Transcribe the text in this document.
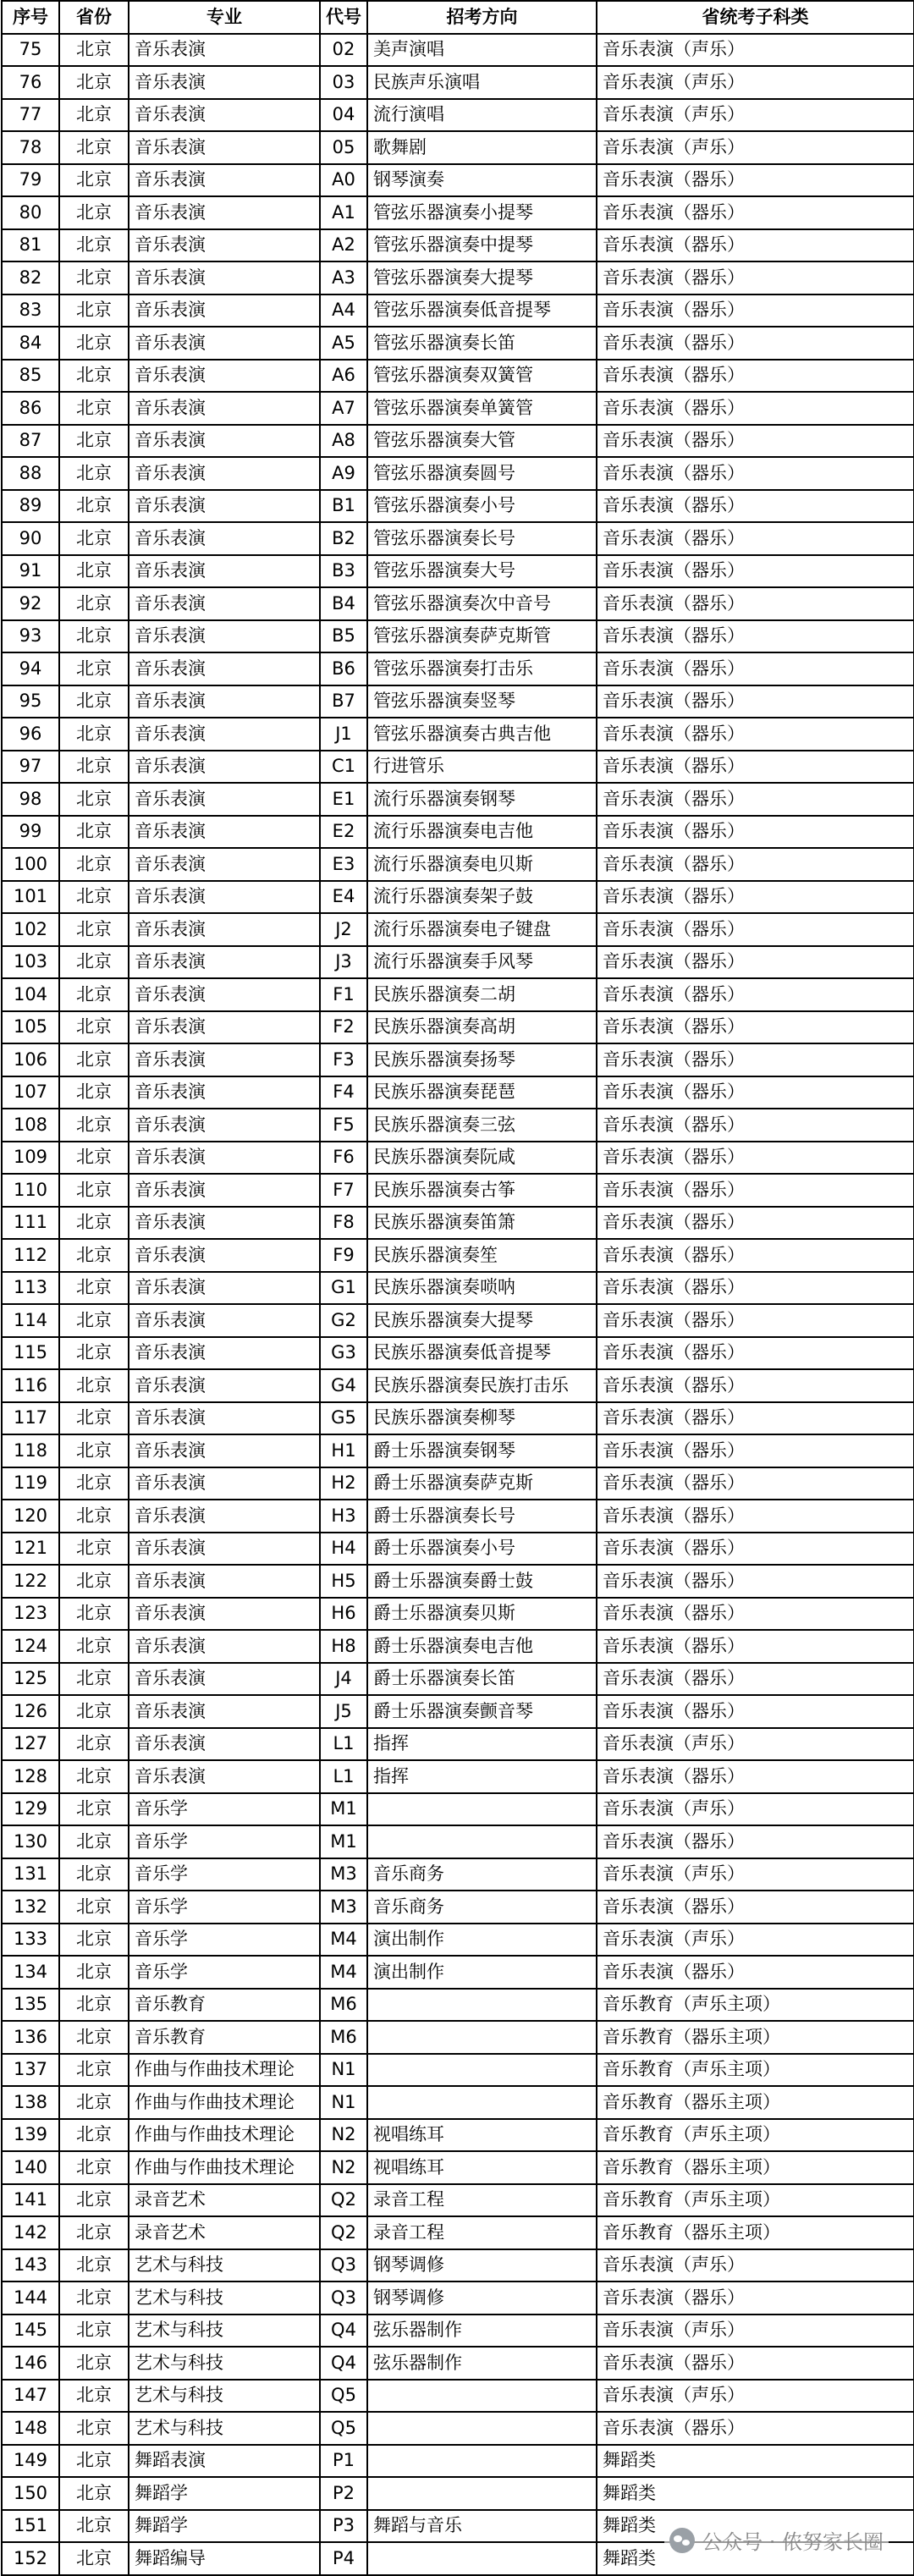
序号	省份	专业	代号	招考方向	省统考子科类
75	北京	音乐表演	02	美声演唱	音乐表演（声乐）
76	北京	音乐表演	03	民族声乐演唱	音乐表演（声乐）
77	北京	音乐表演	04	流行演唱	音乐表演（声乐）
78	北京	音乐表演	05	歌舞剧	音乐表演（声乐）
79	北京	音乐表演	A0	钢琴演奏	音乐表演（器乐）
80	北京	音乐表演	A1	管弦乐器演奏小提琴	音乐表演（器乐）
81	北京	音乐表演	A2	管弦乐器演奏中提琴	音乐表演（器乐）
82	北京	音乐表演	A3	管弦乐器演奏大提琴	音乐表演（器乐）
83	北京	音乐表演	A4	管弦乐器演奏低音提琴	音乐表演（器乐）
84	北京	音乐表演	A5	管弦乐器演奏长笛	音乐表演（器乐）
85	北京	音乐表演	A6	管弦乐器演奏双簧管	音乐表演（器乐）
86	北京	音乐表演	A7	管弦乐器演奏单簧管	音乐表演（器乐）
87	北京	音乐表演	A8	管弦乐器演奏大管	音乐表演（器乐）
88	北京	音乐表演	A9	管弦乐器演奏圆号	音乐表演（器乐）
89	北京	音乐表演	B1	管弦乐器演奏小号	音乐表演（器乐）
90	北京	音乐表演	B2	管弦乐器演奏长号	音乐表演（器乐）
91	北京	音乐表演	B3	管弦乐器演奏大号	音乐表演（器乐）
92	北京	音乐表演	B4	管弦乐器演奏次中音号	音乐表演（器乐）
93	北京	音乐表演	B5	管弦乐器演奏萨克斯管	音乐表演（器乐）
94	北京	音乐表演	B6	管弦乐器演奏打击乐	音乐表演（器乐）
95	北京	音乐表演	B7	管弦乐器演奏竖琴	音乐表演（器乐）
96	北京	音乐表演	J1	管弦乐器演奏古典吉他	音乐表演（器乐）
97	北京	音乐表演	C1	行进管乐	音乐表演（器乐）
98	北京	音乐表演	E1	流行乐器演奏钢琴	音乐表演（器乐）
99	北京	音乐表演	E2	流行乐器演奏电吉他	音乐表演（器乐）
100	北京	音乐表演	E3	流行乐器演奏电贝斯	音乐表演（器乐）
101	北京	音乐表演	E4	流行乐器演奏架子鼓	音乐表演（器乐）
102	北京	音乐表演	J2	流行乐器演奏电子键盘	音乐表演（器乐）
103	北京	音乐表演	J3	流行乐器演奏手风琴	音乐表演（器乐）
104	北京	音乐表演	F1	民族乐器演奏二胡	音乐表演（器乐）
105	北京	音乐表演	F2	民族乐器演奏高胡	音乐表演（器乐）
106	北京	音乐表演	F3	民族乐器演奏扬琴	音乐表演（器乐）
107	北京	音乐表演	F4	民族乐器演奏琵琶	音乐表演（器乐）
108	北京	音乐表演	F5	民族乐器演奏三弦	音乐表演（器乐）
109	北京	音乐表演	F6	民族乐器演奏阮咸	音乐表演（器乐）
110	北京	音乐表演	F7	民族乐器演奏古筝	音乐表演（器乐）
111	北京	音乐表演	F8	民族乐器演奏笛箫	音乐表演（器乐）
112	北京	音乐表演	F9	民族乐器演奏笙	音乐表演（器乐）
113	北京	音乐表演	G1	民族乐器演奏唢呐	音乐表演（器乐）
114	北京	音乐表演	G2	民族乐器演奏大提琴	音乐表演（器乐）
115	北京	音乐表演	G3	民族乐器演奏低音提琴	音乐表演（器乐）
116	北京	音乐表演	G4	民族乐器演奏民族打击乐	音乐表演（器乐）
117	北京	音乐表演	G5	民族乐器演奏柳琴	音乐表演（器乐）
118	北京	音乐表演	H1	爵士乐器演奏钢琴	音乐表演（器乐）
119	北京	音乐表演	H2	爵士乐器演奏萨克斯	音乐表演（器乐）
120	北京	音乐表演	H3	爵士乐器演奏长号	音乐表演（器乐）
121	北京	音乐表演	H4	爵士乐器演奏小号	音乐表演（器乐）
122	北京	音乐表演	H5	爵士乐器演奏爵士鼓	音乐表演（器乐）
123	北京	音乐表演	H6	爵士乐器演奏贝斯	音乐表演（器乐）
124	北京	音乐表演	H8	爵士乐器演奏电吉他	音乐表演（器乐）
125	北京	音乐表演	J4	爵士乐器演奏长笛	音乐表演（器乐）
126	北京	音乐表演	J5	爵士乐器演奏颤音琴	音乐表演（器乐）
127	北京	音乐表演	L1	指挥	音乐表演（声乐）
128	北京	音乐表演	L1	指挥	音乐表演（器乐）
129	北京	音乐学	M1		音乐表演（声乐）
130	北京	音乐学	M1		音乐表演（器乐）
131	北京	音乐学	M3	音乐商务	音乐表演（声乐）
132	北京	音乐学	M3	音乐商务	音乐表演（器乐）
133	北京	音乐学	M4	演出制作	音乐表演（声乐）
134	北京	音乐学	M4	演出制作	音乐表演（器乐）
135	北京	音乐教育	M6		音乐教育（声乐主项）
136	北京	音乐教育	M6		音乐教育（器乐主项）
137	北京	作曲与作曲技术理论	N1		音乐教育（声乐主项）
138	北京	作曲与作曲技术理论	N1		音乐教育（器乐主项）
139	北京	作曲与作曲技术理论	N2	视唱练耳	音乐教育（声乐主项）
140	北京	作曲与作曲技术理论	N2	视唱练耳	音乐教育（器乐主项）
141	北京	录音艺术	Q2	录音工程	音乐教育（声乐主项）
142	北京	录音艺术	Q2	录音工程	音乐教育（器乐主项）
143	北京	艺术与科技	Q3	钢琴调修	音乐表演（声乐）
144	北京	艺术与科技	Q3	钢琴调修	音乐表演（器乐）
145	北京	艺术与科技	Q4	弦乐器制作	音乐表演（声乐）
146	北京	艺术与科技	Q4	弦乐器制作	音乐表演（器乐）
147	北京	艺术与科技	Q5		音乐表演（声乐）
148	北京	艺术与科技	Q5		音乐表演（器乐）
149	北京	舞蹈表演	P1		舞蹈类
150	北京	舞蹈学	P2		舞蹈类
151	北京	舞蹈学	P3	舞蹈与音乐	舞蹈类
152	北京	舞蹈编导	P4		舞蹈类
公众号 · 侬努家长圈
